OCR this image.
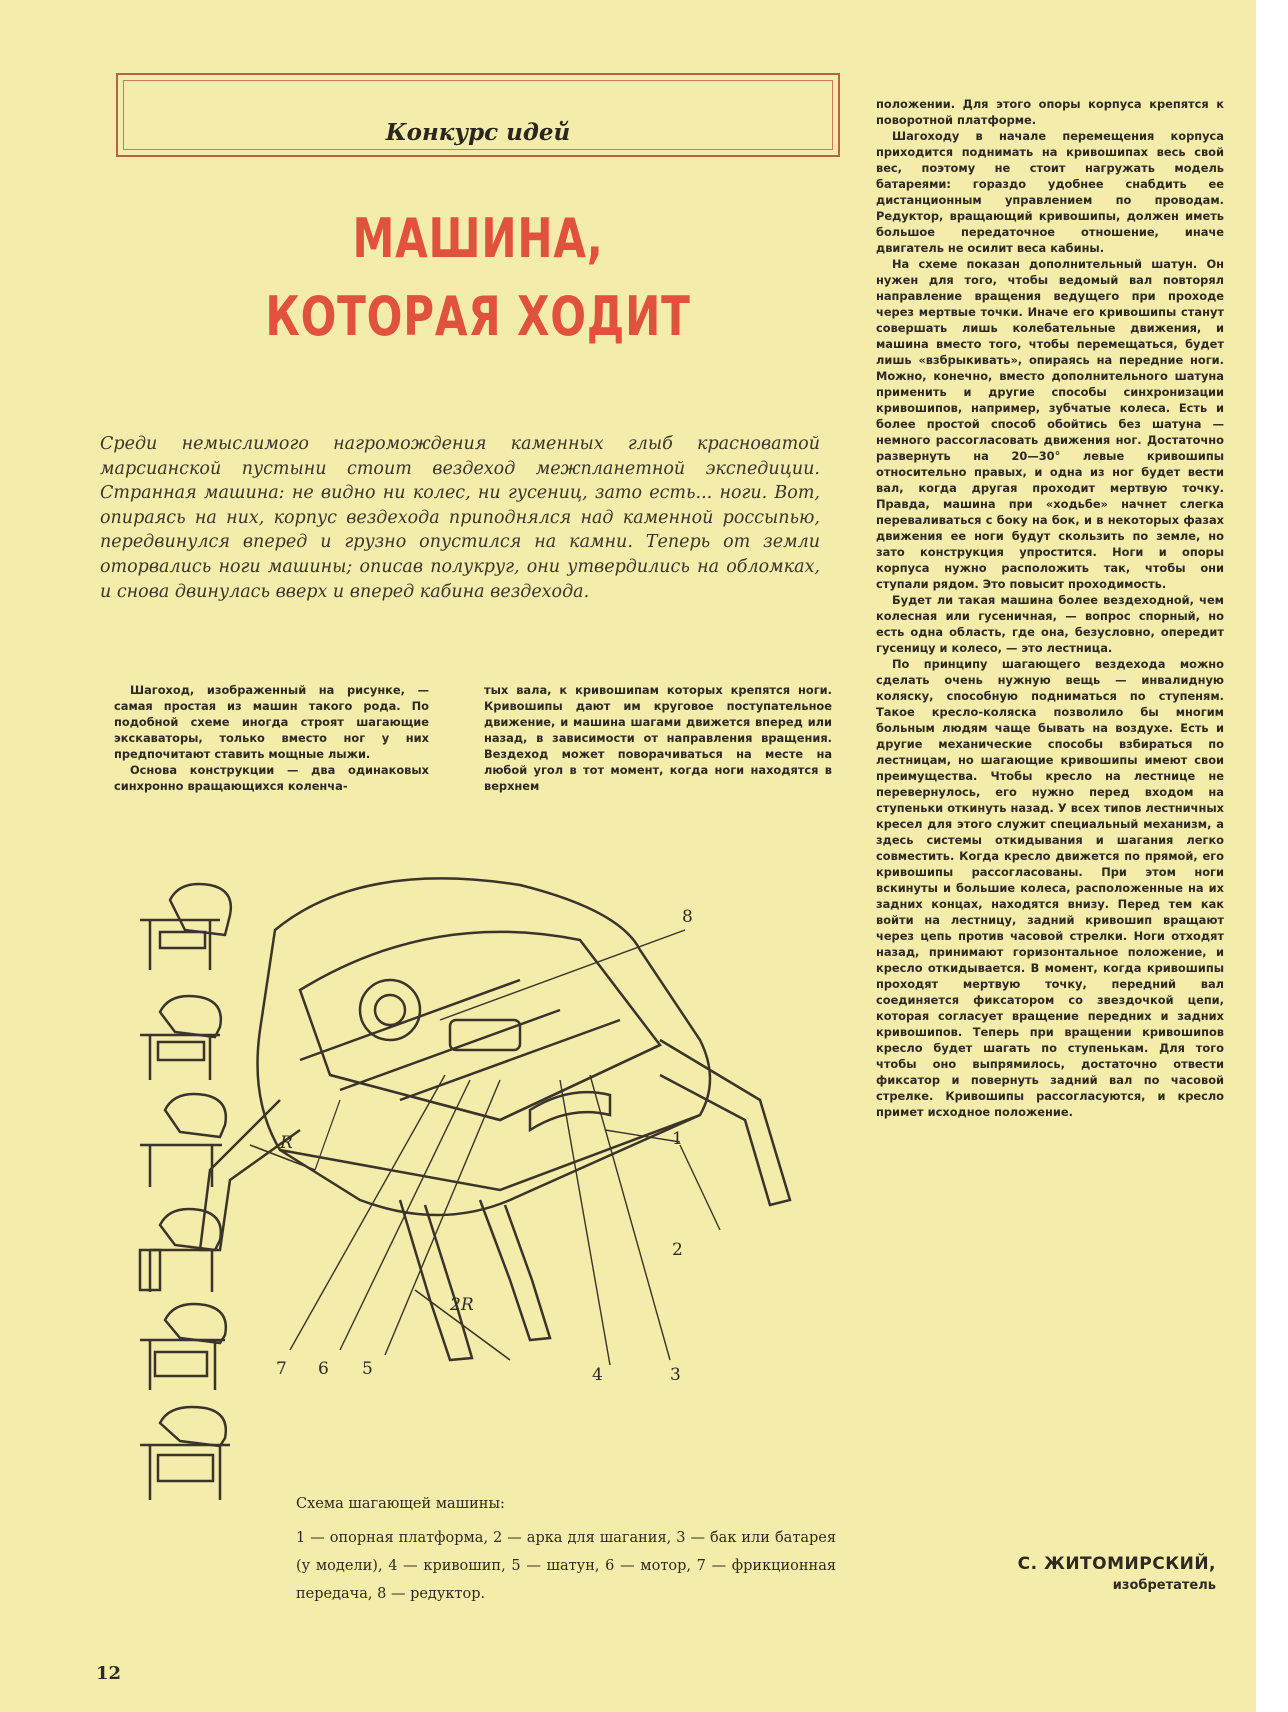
Конкурс идей
МАШИНА,
КОТОРАЯ ХОДИТ
Среди немыслимого нагромождения каменных глыб красноватой марсианской пустыни стоит вездеход межпланетной экспедиции. Странная машина: не видно ни колес, ни гусениц, зато есть... ноги. Вот, опираясь на них, корпус вездехода приподнялся над каменной россыпью, передвинулся вперед и грузно опустился на камни. Теперь от земли оторвались ноги машины; описав полукруг, они утвердились на обломках, и снова двинулась вверх и вперед кабина вездехода.

Шагоход, изображенный на рисунке, — самая простая из машин такого рода. По подобной схеме иногда строят шагающие экскаваторы, только вместо ног у них предпочитают ставить мощные лыжи.

Основа конструкции — два одинаковых синхронно вращающихся коленча-

тых вала, к кривошипам которых крепятся ноги. Кривошипы дают им круговое поступательное движение, и машина шагами движется вперед или назад, в зависимости от направления вращения. Вездеход может поворачиваться на месте на любой угол в тот момент, когда ноги находятся в верхнем

положении. Для этого опоры корпуса крепятся к поворотной платформе.

Шагоходу в начале перемещения корпуса приходится поднимать на кривошипах весь свой вес, поэтому не стоит нагружать модель батареями: гораздо удобнее снабдить ее дистанционным управлением по проводам. Редуктор, вращающий кривошипы, должен иметь большое передаточное отношение, иначе двигатель не осилит веса кабины.

На схеме показан дополнительный шатун. Он нужен для того, чтобы ведомый вал повторял направление вращения ведущего при проходе через мертвые точки. Иначе его кривошипы станут совершать лишь колебательные движения, и машина вместо того, чтобы перемещаться, будет лишь «взбрыкивать», опираясь на передние ноги. Можно, конечно, вместо дополнительного шатуна применить и другие способы синхронизации кривошипов, например, зубчатые колеса. Есть и более простой способ обойтись без шатуна — немного рассогласовать движения ног. Достаточно развернуть на 20—30° левые кривошипы относительно правых, и одна из ног будет вести вал, когда другая проходит мертвую точку. Правда, машина при «ходьбе» начнет слегка переваливаться с боку на бок, и в некоторых фазах движения ее ноги будут скользить по земле, но зато конструкция упростится. Ноги и опоры корпуса нужно расположить так, чтобы они ступали рядом. Это повысит проходимость.

Будет ли такая машина более вездеходной, чем колесная или гусеничная, — вопрос спорный, но есть одна область, где она, безусловно, опередит гусеницу и колесо, — это лестница.

По принципу шагающего вездехода можно сделать очень нужную вещь — инвалидную коляску, способную подниматься по ступеням. Такое кресло-коляска позволило бы многим больным людям чаще бывать на воздухе. Есть и другие механические способы взбираться по лестницам, но шагающие кривошипы имеют свои преимущества. Чтобы кресло на лестнице не перевернулось, его нужно перед входом на ступеньки откинуть назад. У всех типов лестничных кресел для этого служит специальный механизм, а здесь системы откидывания и шагания легко совместить. Когда кресло движется по прямой, его кривошипы рассогласованы. При этом ноги вскинуты и большие колеса, расположенные на их задних концах, находятся внизу. Перед тем как войти на лестницу, задний кривошип вращают через цепь против часовой стрелки. Ноги отходят назад, принимают горизонтальное положение, и кресло откидывается. В момент, когда кривошипы проходят мертвую точку, передний вал соединяется фиксатором со звездочкой цепи, которая согласует вращение передних и задних кривошипов. Теперь при вращении кривошипов кресло будет шагать по ступенькам. Для того чтобы оно выпрямилось, достаточно отвести фиксатор и повернуть задний вал по часовой стрелке. Кривошипы рассогласуются, и кресло примет исходное положение.

8
1
2
3
4
5
6
7
R
2R
Схема шагающей машины:
1 — опорная платформа, 2 — арка для шагания, 3 — бак или батарея (у модели), 4 — кривошип, 5 — шатун, 6 — мотор, 7 — фрикционная передача, 8 — редуктор.
С. ЖИТОМИРСКИЙ,
изобретатель
12
